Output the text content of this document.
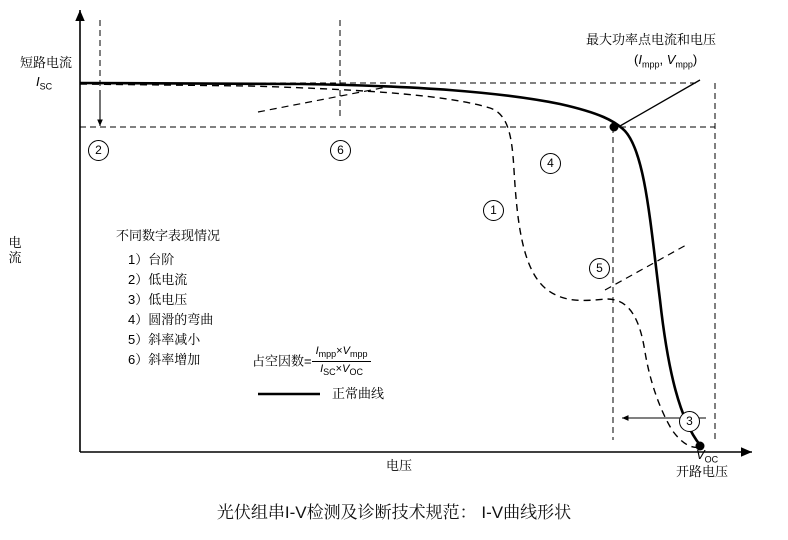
短路电流
$I_{SC}$
电流
电压
$V_{OC}$
开路电压
最大功率点电流和电压
($I_{mpp}$, $V_{mpp}$)
不同数字表现情况
1）台阶
2）低电流
3）低电压
4）圆滑的弯曲
5）斜率减小
6）斜率增加	占空因数= $\frac{I_{mpp}\times V_{mpp}}{I_{SC}\times V_{OC}}$
正常曲线
2	6
1
4
5
3
光伏组串I-V检测及诊断技术规范： I-V曲线形状
